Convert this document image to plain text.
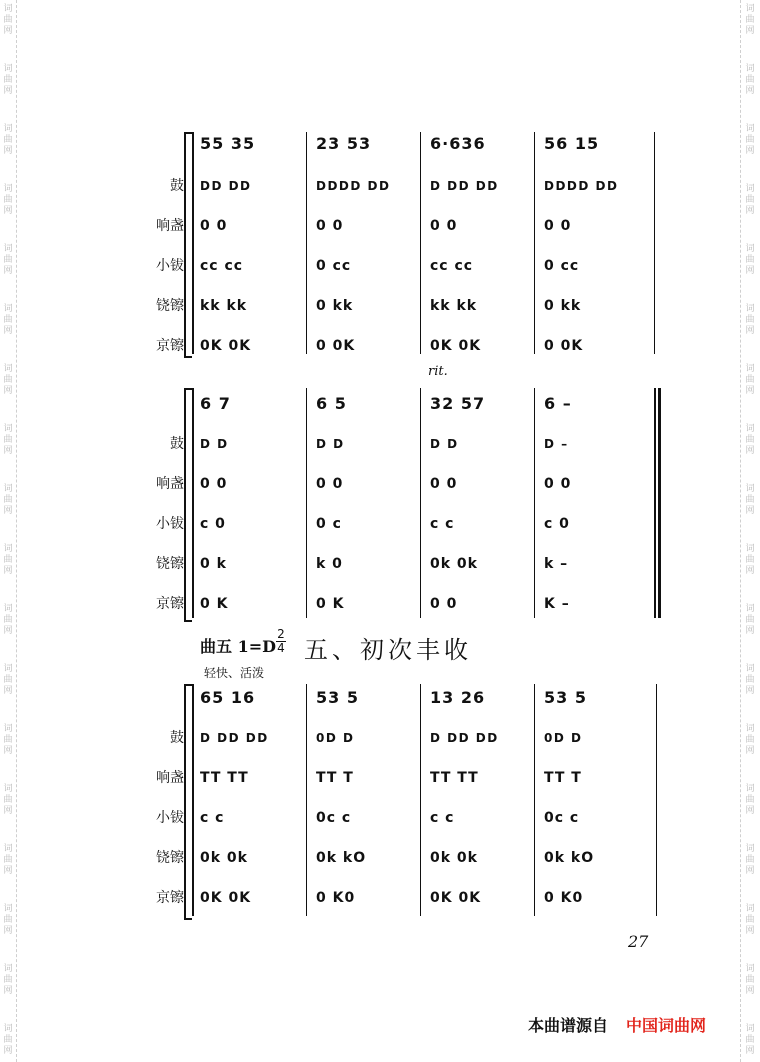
词
曲
网
词
曲
网
词
曲
网
词
曲
网
词
曲
网
词
曲
网
词
曲
网
词
曲
网
词
曲
网
词
曲
网
词
曲
网
词
曲
网
词
曲
网
词
曲
网
词
曲
网
词
曲
网
词
曲
网
词
曲
网
词
曲
网
词
曲
网
词
曲
网
词
曲
网
词
曲
网
词
曲
网
词
曲
网
词
曲
网
词
曲
网
词
曲
网
词
曲
网
词
曲
网
词
曲
网
词
曲
网
词
曲
网
词
曲
网
词
曲
网
词
曲
网
55 35	23 53	6·636	56 15
鼓 DD DD	DDDD DD	D DD DD	DDDD DD
响盏 0 0	0 0	0 0	0 0
小钹 cc cc	0 cc	cc cc	0 cc
铙镲 kk kk	0 kk	kk kk	0 kk
京镲 0K 0K	0 0K	0K 0K	0 0K
rit.
6 7	6 5	32 57	6 –
鼓 D D	D D	D D	D –
响盏 0 0	0 0	0 0	0 0
小钹 c 0	0 c	c c	c 0
铙镲 0 k	k 0	0k 0k	k –
京镲 0 K	0 K	0 0	K –
曲五 $1=D \frac{2}{4}$ 五、初次丰收
轻快、活泼
65 16	53 5	13 26	53 5
鼓 D DD DD	0D D	D DD DD	0D D
响盏 TT TT	TT T	TT TT	TT T
小钹 c c	0c c	c c	0c c
铙镲 0k 0k	0k kO	0k 0k	0k kO
京镲 0K 0K	0 K0	0K 0K	0 K0
27
本曲谱源自 中国词曲网
